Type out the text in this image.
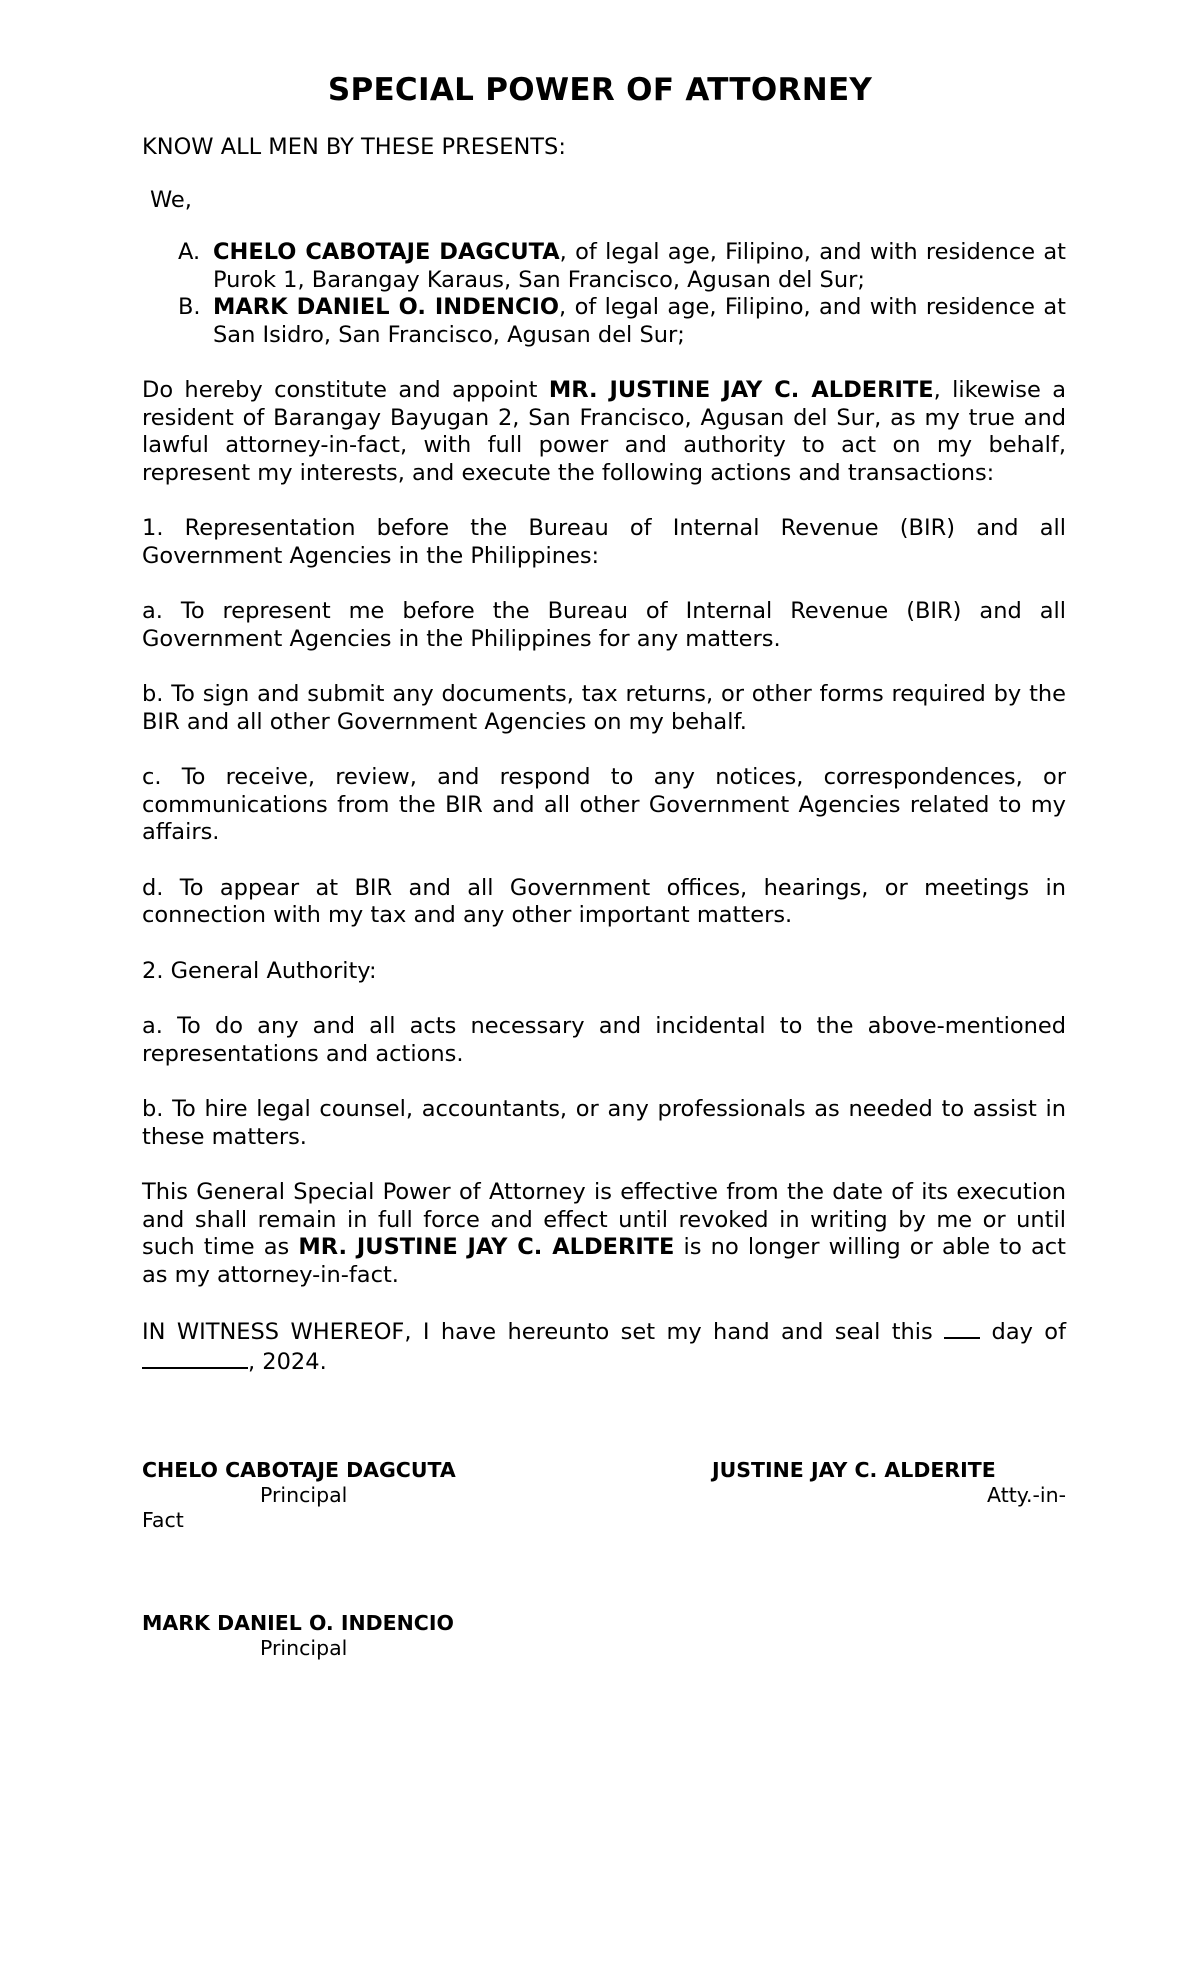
SPECIAL POWER OF ATTORNEY

KNOW ALL MEN BY THESE PRESENTS:

We,

A. CHELO CABOTAJE DAGCUTA, of legal age, Filipino, and with residence at Purok 1, Barangay Karaus, San Francisco, Agusan del Sur;
B. MARK DANIEL O. INDENCIO, of legal age, Filipino, and with residence at San Isidro, San Francisco, Agusan del Sur;

Do hereby constitute and appoint MR. JUSTINE JAY C. ALDERITE, likewise a resident of Barangay Bayugan 2, San Francisco, Agusan del Sur, as my true and lawful attorney-in-fact, with full power and authority to act on my behalf, represent my interests, and execute the following actions and transactions:

1. Representation before the Bureau of Internal Revenue (BIR) and all Government Agencies in the Philippines:

a. To represent me before the Bureau of Internal Revenue (BIR) and all Government Agencies in the Philippines for any matters.

b. To sign and submit any documents, tax returns, or other forms required by the BIR and all other Government Agencies on my behalf.

c. To receive, review, and respond to any notices, correspondences, or communications from the BIR and all other Government Agencies related to my affairs.

d. To appear at BIR and all Government offices, hearings, or meetings in connection with my tax and any other important matters.

2. General Authority:

a. To do any and all acts necessary and incidental to the above-mentioned representations and actions.

b. To hire legal counsel, accountants, or any professionals as needed to assist in these matters.

This General Special Power of Attorney is effective from the date of its execution and shall remain in full force and effect until revoked in writing by me or until such time as MR. JUSTINE JAY C. ALDERITE is no longer willing or able to act as my attorney-in-fact.

IN WITNESS WHEREOF, I have hereunto set my hand and seal this  day of , 2024.

CHELO CABOTAJE DAGCUTA
Principal
JUSTINE JAY C. ALDERITE
Atty.-in-
Fact
MARK DANIEL O. INDENCIO
Principal
